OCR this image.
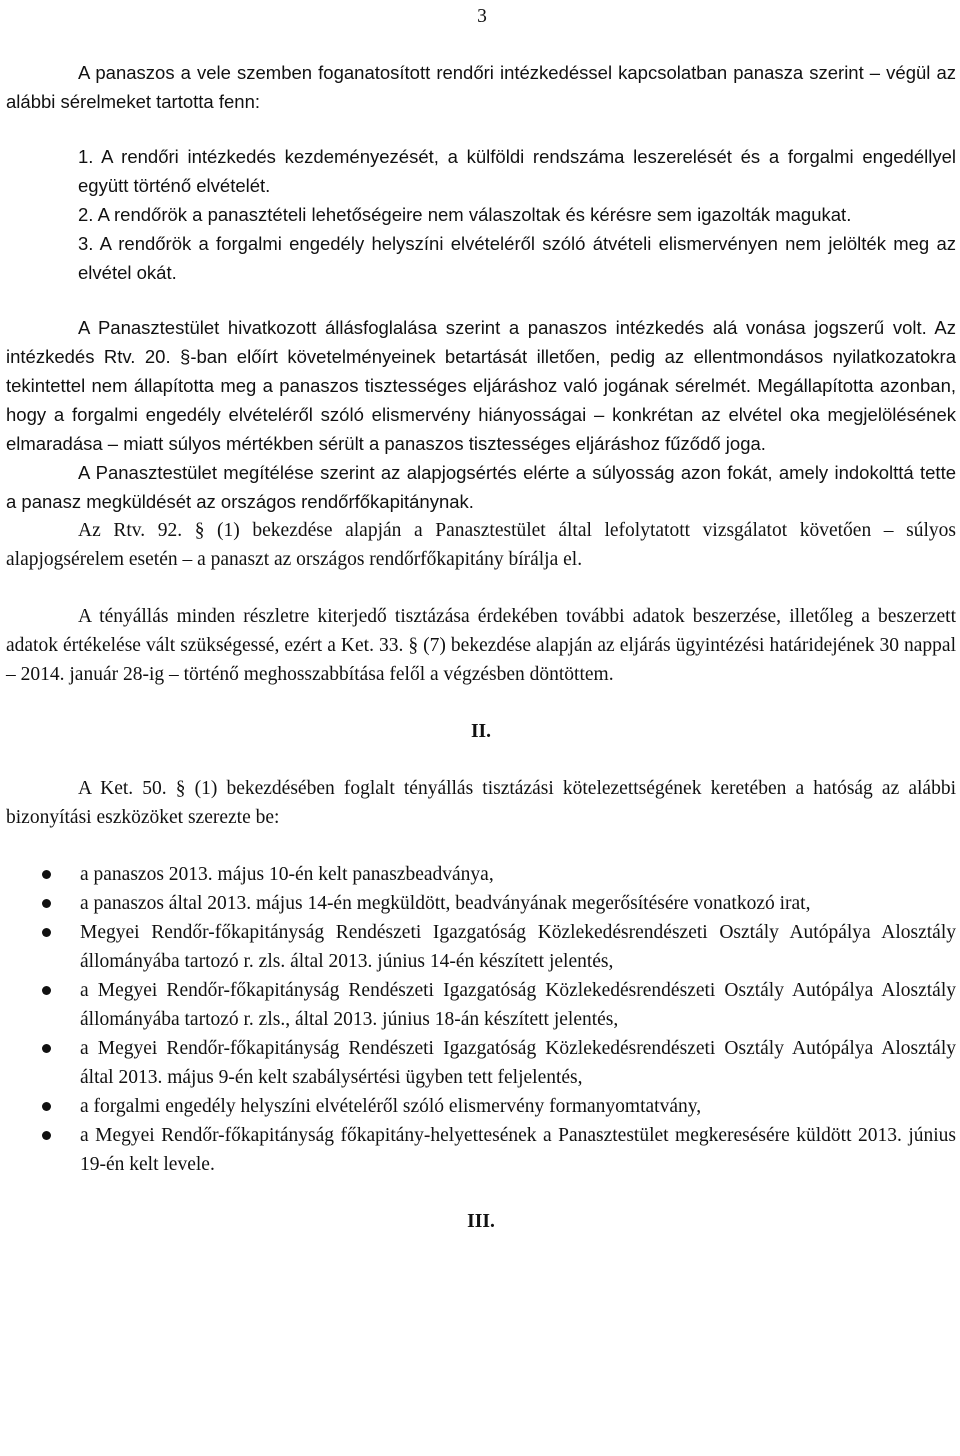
3

A panaszos a vele szemben foganatosított rendőri intézkedéssel kapcsolatban panasza szerint – végül az alábbi sérelmeket tartotta fenn:

1. A rendőri intézkedés kezdeményezését, a külföldi rendszáma leszerelését és a forgalmi engedéllyel együtt történő elvételét.

2. A rendőrök a panasztételi lehetőségeire nem válaszoltak és kérésre sem igazolták magukat.

3. A rendőrök a forgalmi engedély helyszíni elvételéről szóló átvételi elismervényen nem jelölték meg az elvétel okát.

A Panasztestület hivatkozott állásfoglalása szerint a panaszos intézkedés alá vonása jogszerű volt. Az intézkedés Rtv. 20. §-ban előírt követelményeinek betartását illetően, pedig az ellentmondásos nyilatkozatokra tekintettel nem állapította meg a panaszos tisztességes eljáráshoz való jogának sérelmét. Megállapította azonban, hogy a forgalmi engedély elvételéről szóló elismervény hiányosságai – konkrétan az elvétel oka megjelölésének elmaradása – miatt súlyos mértékben sérült a panaszos tisztességes eljáráshoz fűződő joga.

A Panasztestület megítélése szerint az alapjogsértés elérte a súlyosság azon fokát, amely indokolttá tette a panasz megküldését az országos rendőrfőkapitánynak.

Az Rtv. 92. § (1) bekezdése alapján a Panasztestület által lefolytatott vizsgálatot követően – súlyos alapjogsérelem esetén – a panaszt az országos rendőrfőkapitány bírálja el.

A tényállás minden részletre kiterjedő tisztázása érdekében további adatok beszerzése, illetőleg a beszerzett adatok értékelése vált szükségessé, ezért a Ket. 33. § (7) bekezdése alapján az eljárás ügyintézési határidejének 30 nappal – 2014. január 28-ig – történő meghosszabbítása felől a végzésben döntöttem.

II.

A Ket. 50. § (1) bekezdésében foglalt tényállás tisztázási kötelezettségének keretében a hatóság az alábbi bizonyítási eszközöket szerezte be:

a panaszos 2013. május 10-én kelt panaszbeadványa,
a panaszos által 2013. május 14-én megküldött, beadványának megerősítésére vonatkozó irat,
Megyei Rendőr-főkapitányság Rendészeti Igazgatóság Közlekedésrendészeti Osztály Autópálya Alosztály állományába tartozó r. zls. által 2013. június 14-én készített jelentés,
a Megyei Rendőr-főkapitányság Rendészeti Igazgatóság Közlekedésrendészeti Osztály Autópálya Alosztály állományába tartozó r. zls., által 2013. június 18-án készített jelentés,
a Megyei Rendőr-főkapitányság Rendészeti Igazgatóság Közlekedésrendészeti Osztály Autópálya Alosztály által 2013. május 9-én kelt szabálysértési ügyben tett feljelentés,
a forgalmi engedély helyszíni elvételéről szóló elismervény formanyomtatvány,
a Megyei Rendőr-főkapitányság főkapitány-helyettesének a Panasztestület megkeresésére küldött 2013. június 19-én kelt levele.

III.
